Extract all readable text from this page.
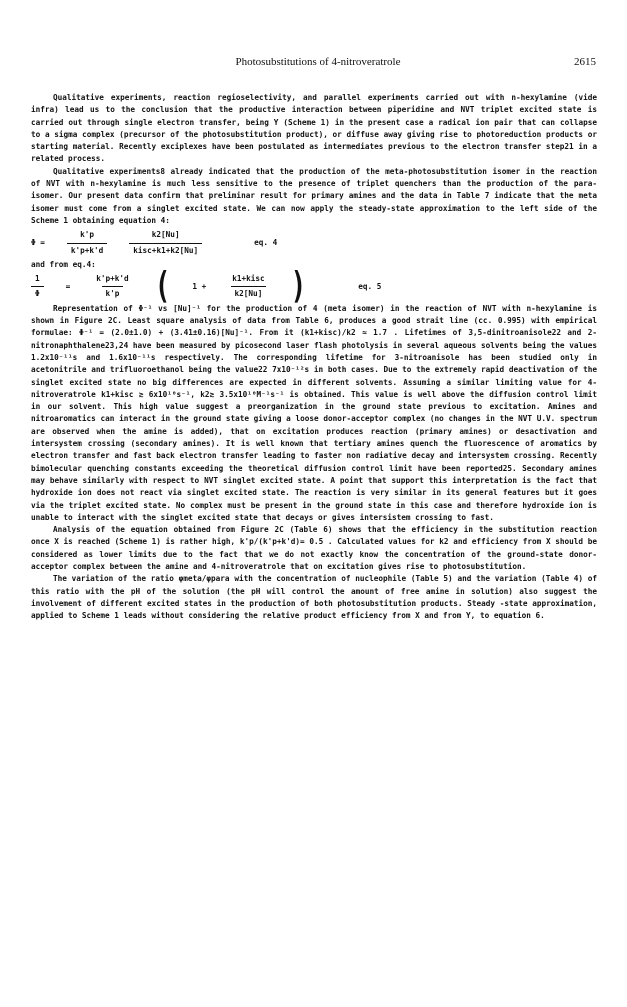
Photosubstitutions of 4-nitroveratrole	2615

Qualitative experiments, reaction regioselectivity, and parallel experiments carried out with n-hexylamine (vide infra) lead us to the conclusion that the productive interaction between piperidine and NVT triplet excited state is carried out through single electron transfer, being Y (Scheme 1) in the present case a radical ion pair that can collapse to a sigma complex (precursor of the photosubstitution product), or diffuse away giving rise to photoreduction products or starting material. Recently exciplexes have been postulated as intermediates previous to the electron transfer step21 in a related process.

Qualitative experiments8 already indicated that the production of the meta-photosubstitution isomer in the reaction of NVT with n-hexylamine is much less sensitive to the presence of triplet quenchers than the production of the para-isomer. Our present data confirm that preliminar result for primary amines and the data in Table 7 indicate that the meta isomer must come from a singlet excited state. We can now apply the steady-state approximation to the left side of the Scheme 1 obtaining equation 4:

Φ =	$\frac{k'p}{k'p+k'd}$	$\frac{k2[Nu]}{\text{kisc+k1+k2[Nu]}}$	eq. 4

and from eq.4:

$\frac{1}{\Phi}$	=	$\frac{k'p+k'd}{k'p}$ (	1 +	$\frac{\text{k1+kisc}}{k2[Nu]}$ )	eq. 5

Representation of Φ⁻¹ vs [Nu]⁻¹ for the production of 4 (meta isomer) in the reaction of NVT with n-hexylamine is shown in Figure 2C. Least square analysis of data from Table 6, produces a good strait line (cc. 0.995) with empirical formulae: Φ⁻¹ = (2.0±1.0) + (3.41±0.16)[Nu]⁻¹. From it (k1+kisc)/k2 ≈ 1.7 . Lifetimes of 3,5-dinitroanisole22 and 2-nitronaphthalene23,24 have been measured by picosecond laser flash photolysis in several aqueous solvents being the values 1.2x10⁻¹¹s and 1.6x10⁻¹¹s respectively. The corresponding lifetime for 3-nitroanisole has been studied only in acetonitrile and trifluoroethanol being the value22 7x10⁻¹²s in both cases. Due to the extremely rapid deactivation of the singlet excited state no big differences are expected in different solvents. Assuming a similar limiting value for 4-nitroveratrole k1+kisc ≳ 6x10¹⁰s⁻¹, k2≳ 3.5x10¹⁰M⁻¹s⁻¹ is obtained. This value is well above the diffusion control limit in our solvent. This high value suggest a preorganization in the ground state previous to excitation. Amines and nitroaromatics can interact in the ground state giving a loose donor-acceptor complex (no changes in the NVT U.V. spectrum are observed when the amine is added), that on excitation produces reaction (primary amines) or desactivation and intersystem crossing (secondary amines). It is well known that tertiary amines quench the fluorescence of aromatics by electron transfer and fast back electron transfer leading to faster non radiative decay and intersystem crossing. Recently bimolecular quenching constants exceeding the theoretical diffusion control limit have been reported25. Secondary amines may behave similarly with respect to NVT singlet excited state. A point that support this interpretation is the fact that hydroxide ion does not react via singlet excited state. The reaction is very similar in its general features but it goes via the triplet excited state. No complex must be present in the ground state in this case and therefore hydroxide ion is unable to interact with the singlet excited state that decays or gives intersistem crossing to fast.

Analysis of the equation obtained from Figure 2C (Table 6) shows that the efficiency in the substitution reaction once X is reached (Scheme 1) is rather high, k'p/(k'p+k'd)= 0.5 . Calculated values for k2 and efficiency from X should be considered as lower limits due to the fact that we do not exactly know the concentration of the ground-state donor-acceptor complex between the amine and 4-nitroveratrole that on excitation gives rise to photosubstitution.

The variation of the ratio φmeta/φpara with the concentration of nucleophile (Table 5) and the variation (Table 4) of this ratio with the pH of the solution (the pH will control the amount of free amine in solution) also suggest the involvement of different excited states in the production of both photosubstitution products. Steady -state approximation, applied to Scheme 1 leads without considering the relative product efficiency from X and from Y, to equation 6.
